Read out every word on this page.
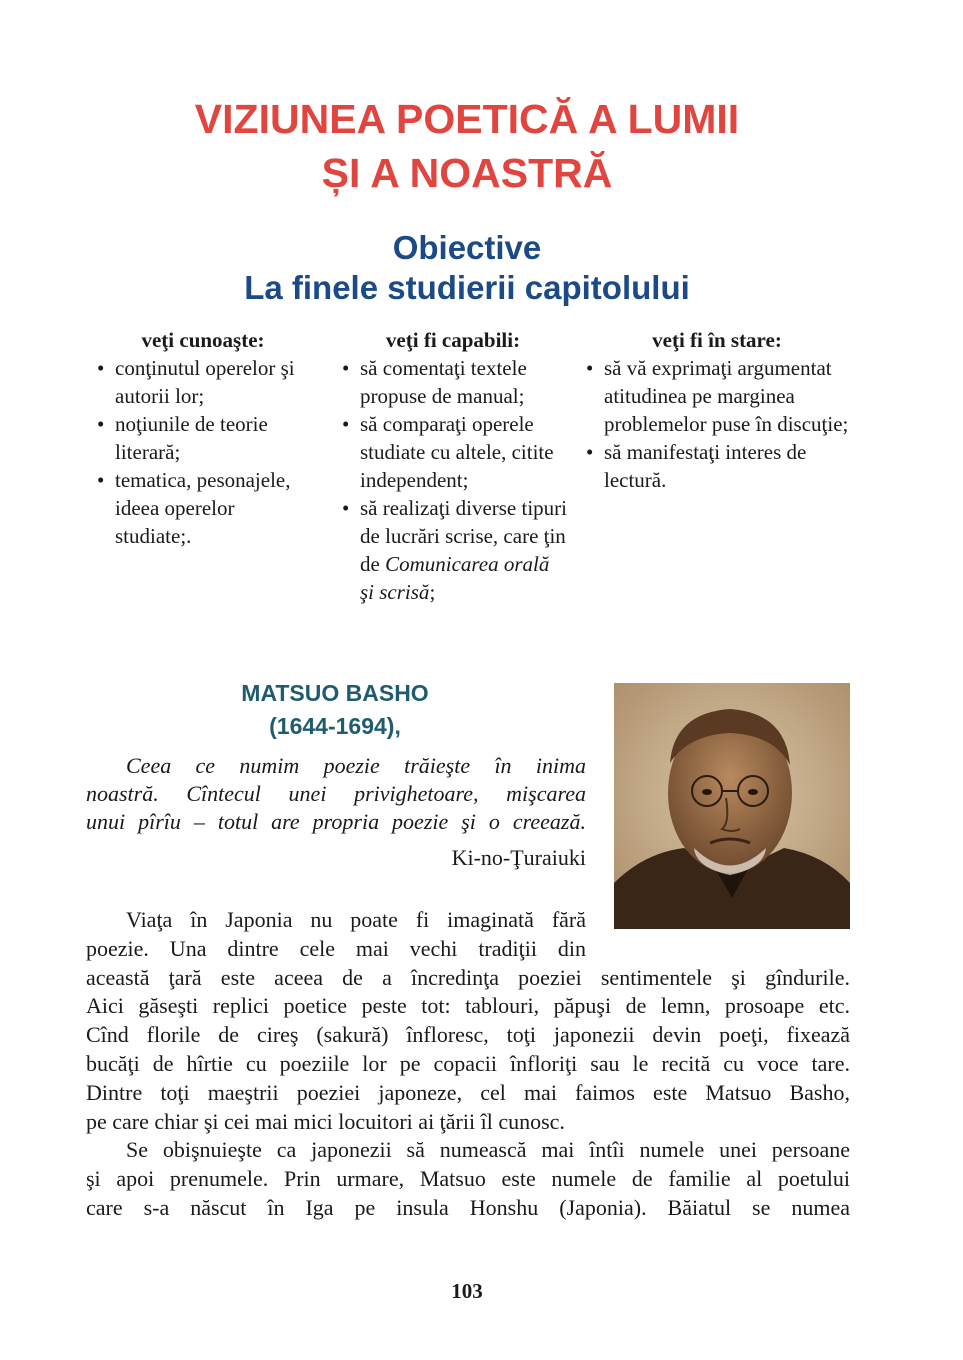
VIZIUNEA POETICĂ A LUMII
ȘI A NOASTRĂ
Obiective
La finele studierii capitolului
veţi cunoaşte:
• conţinutul operelor şi autorii lor;
• noţiunile de teorie literară;
• tematica, pesonajele, ideea operelor studiate;.
veţi fi capabili:
• să comentaţi textele propuse de manual;
• să comparaţi operele studiate cu altele, citite independent;
• să realizaţi diverse tipuri de lucrări scrise, care ţin de Comunicarea orală şi scrisă;
veţi fi în stare:
• să vă exprimaţi argumentat atitudinea pe marginea problemelor puse în discuţie;
• să manifestaţi interes de lectură.
MATSUO BASHO
(1644-1694),
Ceea ce numim poezie trăieşte în inima
noastră. Cîntecul unei privighetoare, mişcarea
unui pîrîu – totul are propria poezie şi o creează.
Ki-no-Ţuraiuki
Viaţa în Japonia nu poate fi imaginată fără
poezie. Una dintre cele mai vechi tradiţii din
această ţară este aceea de a încredinţa poeziei sentimentele şi gîndurile.
Aici găseşti replici poetice peste tot: tablouri, păpuşi de lemn, prosoape etc.
Cînd florile de cireş (sakură) înfloresc, toţi japonezii devin poeţi, fixează
bucăţi de hîrtie cu poeziile lor pe copacii înfloriţi sau le recită cu voce tare.
Dintre toţi maeştrii poeziei japoneze, cel mai faimos este Matsuo Basho,
pe care chiar şi cei mai mici locuitori ai ţării îl cunosc.
Se obişnuieşte ca japonezii să numească mai întîi numele unei persoane
şi apoi prenumele. Prin urmare, Matsuo este numele de familie al poetului
care s-a născut în Iga pe insula Honshu (Japonia). Băiatul se numea
103
